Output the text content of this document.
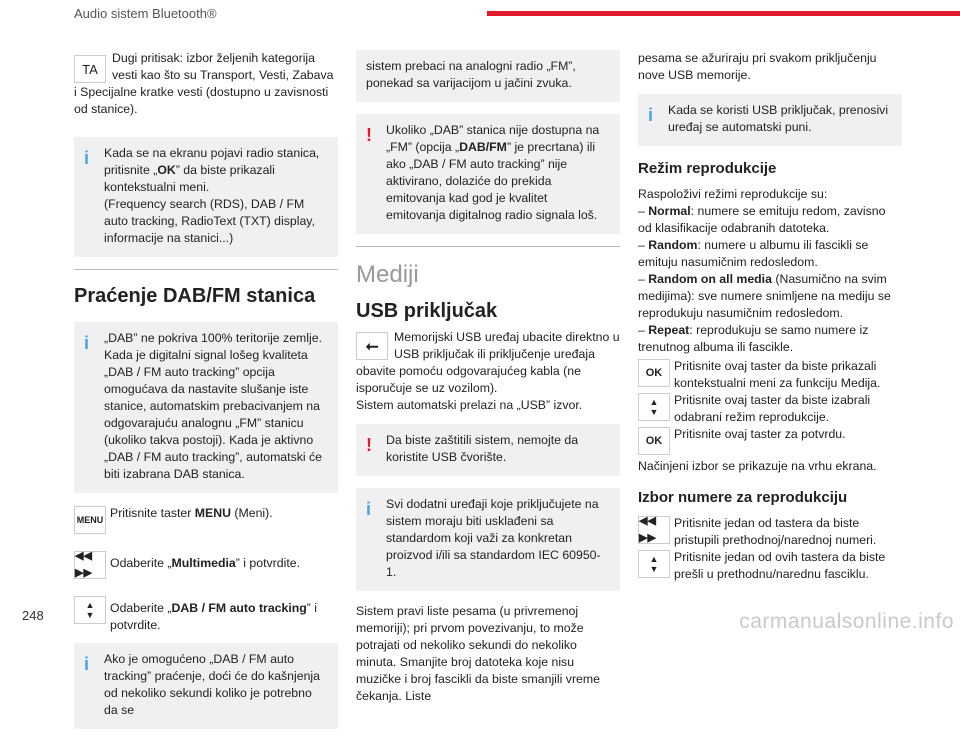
Audio sistem Bluetooth®
TA

Dugi pritisak: izbor željenih kategorija vesti kao što su Transport, Vesti, Zabava i Specijalne kratke vesti (dostupno u zavisnosti od stanice).

i Kada se na ekranu pojavi radio stanica, pritisnite „OK” da biste prikazali kontekstualni meni.

(Frequency search (RDS), DAB / FM auto tracking, RadioText (TXT) display, informacije na stanici...)

Praćenje DAB/FM stanica
i „DAB” ne pokriva 100% teritorije zemlje. Kada je digitalni signal lošeg kvaliteta „DAB / FM auto tracking” opcija omogućava da nastavite slušanje iste stanice, automatskim prebacivanjem na odgovarajuću analognu „FM” stanicu (ukoliko takva postoji). Kada je aktivno „DAB / FM auto tracking”, automatski će biti izabrana DAB stanica.

MENU Pritisnite taster MENU (Meni).

◀◀ ▶▶

Odaberite „Multimedia” i potvrdite.

▲
▼ Odaberite „DAB / FM auto tracking” i potvrdite.

i Ako je omogućeno „DAB / FM auto tracking” praćenje, doći će do kašnjenja od nekoliko sekundi koliko je potrebno da se

sistem prebaci na analogni radio „FM”, ponekad sa varijacijom u jačini zvuka.

! Ukoliko „DAB” stanica nije dostupna na „FM” (opcija „DAB/FM” je precrtana) ili ako „DAB / FM auto tracking” nije aktivirano, dolaziće do prekida emitovanja kad god je kvalitet emitovanja digitalnog radio signala loš.

Mediji
USB priključak
⭠

Memorijski USB uređaj ubacite direktno u USB priključak ili priključenje uređaja obavite pomoću odgovarajućeg kabla (ne isporučuje se uz vozilom).

Sistem automatski prelazi na „USB” izvor.

! Da biste zaštitili sistem, nemojte da koristite USB čvorište.

i Svi dodatni uređaji koje priključujete na sistem moraju biti usklađeni sa standardom koji važi za konkretan proizvod i/ili sa standardom IEC 60950-1.

Sistem pravi liste pesama (u privremenoj memoriji); pri prvom povezivanju, to može potrajati od nekoliko sekundi do nekoliko minuta. Smanjite broj datoteka koje nisu muzičke i broj fascikli da biste smanjili vreme čekanja. Liste

pesama se ažuriraju pri svakom priključenju nove USB memorije.

i Kada se koristi USB priključak, prenosivi uređaj se automatski puni.

Režim reprodukcije

Raspoloživi režimi reprodukcije su:

– Normal: numere se emituju redom, zavisno od klasifikacije odabranih datoteka.

– Random: numere u albumu ili fascikli se emituju nasumičnim redosledom.

– Random on all media (Nasumično na svim medijima): sve numere snimljene na mediju se reprodukuju nasumičnim redosledom.

– Repeat: reprodukuju se samo numere iz trenutnog albuma ili fascikle.

OK Pritisnite ovaj taster da biste prikazali kontekstualni meni za funkciju Medija.

▲
▼

Pritisnite ovaj taster da biste izabrali odabrani režim reprodukcije.

OK Pritisnite ovaj taster za potvrdu.

Načinjeni izbor se prikazuje na vrhu ekrana.

Izbor numere za reprodukciju
◀◀ ▶▶

Pritisnite jedan od tastera da biste pristupili prethodnoj/narednoj numeri.

▲
▼

Pritisnite jedan od ovih tastera da biste prešli u prethodnu/narednu fasciklu.

248	carmanualsonline.info
